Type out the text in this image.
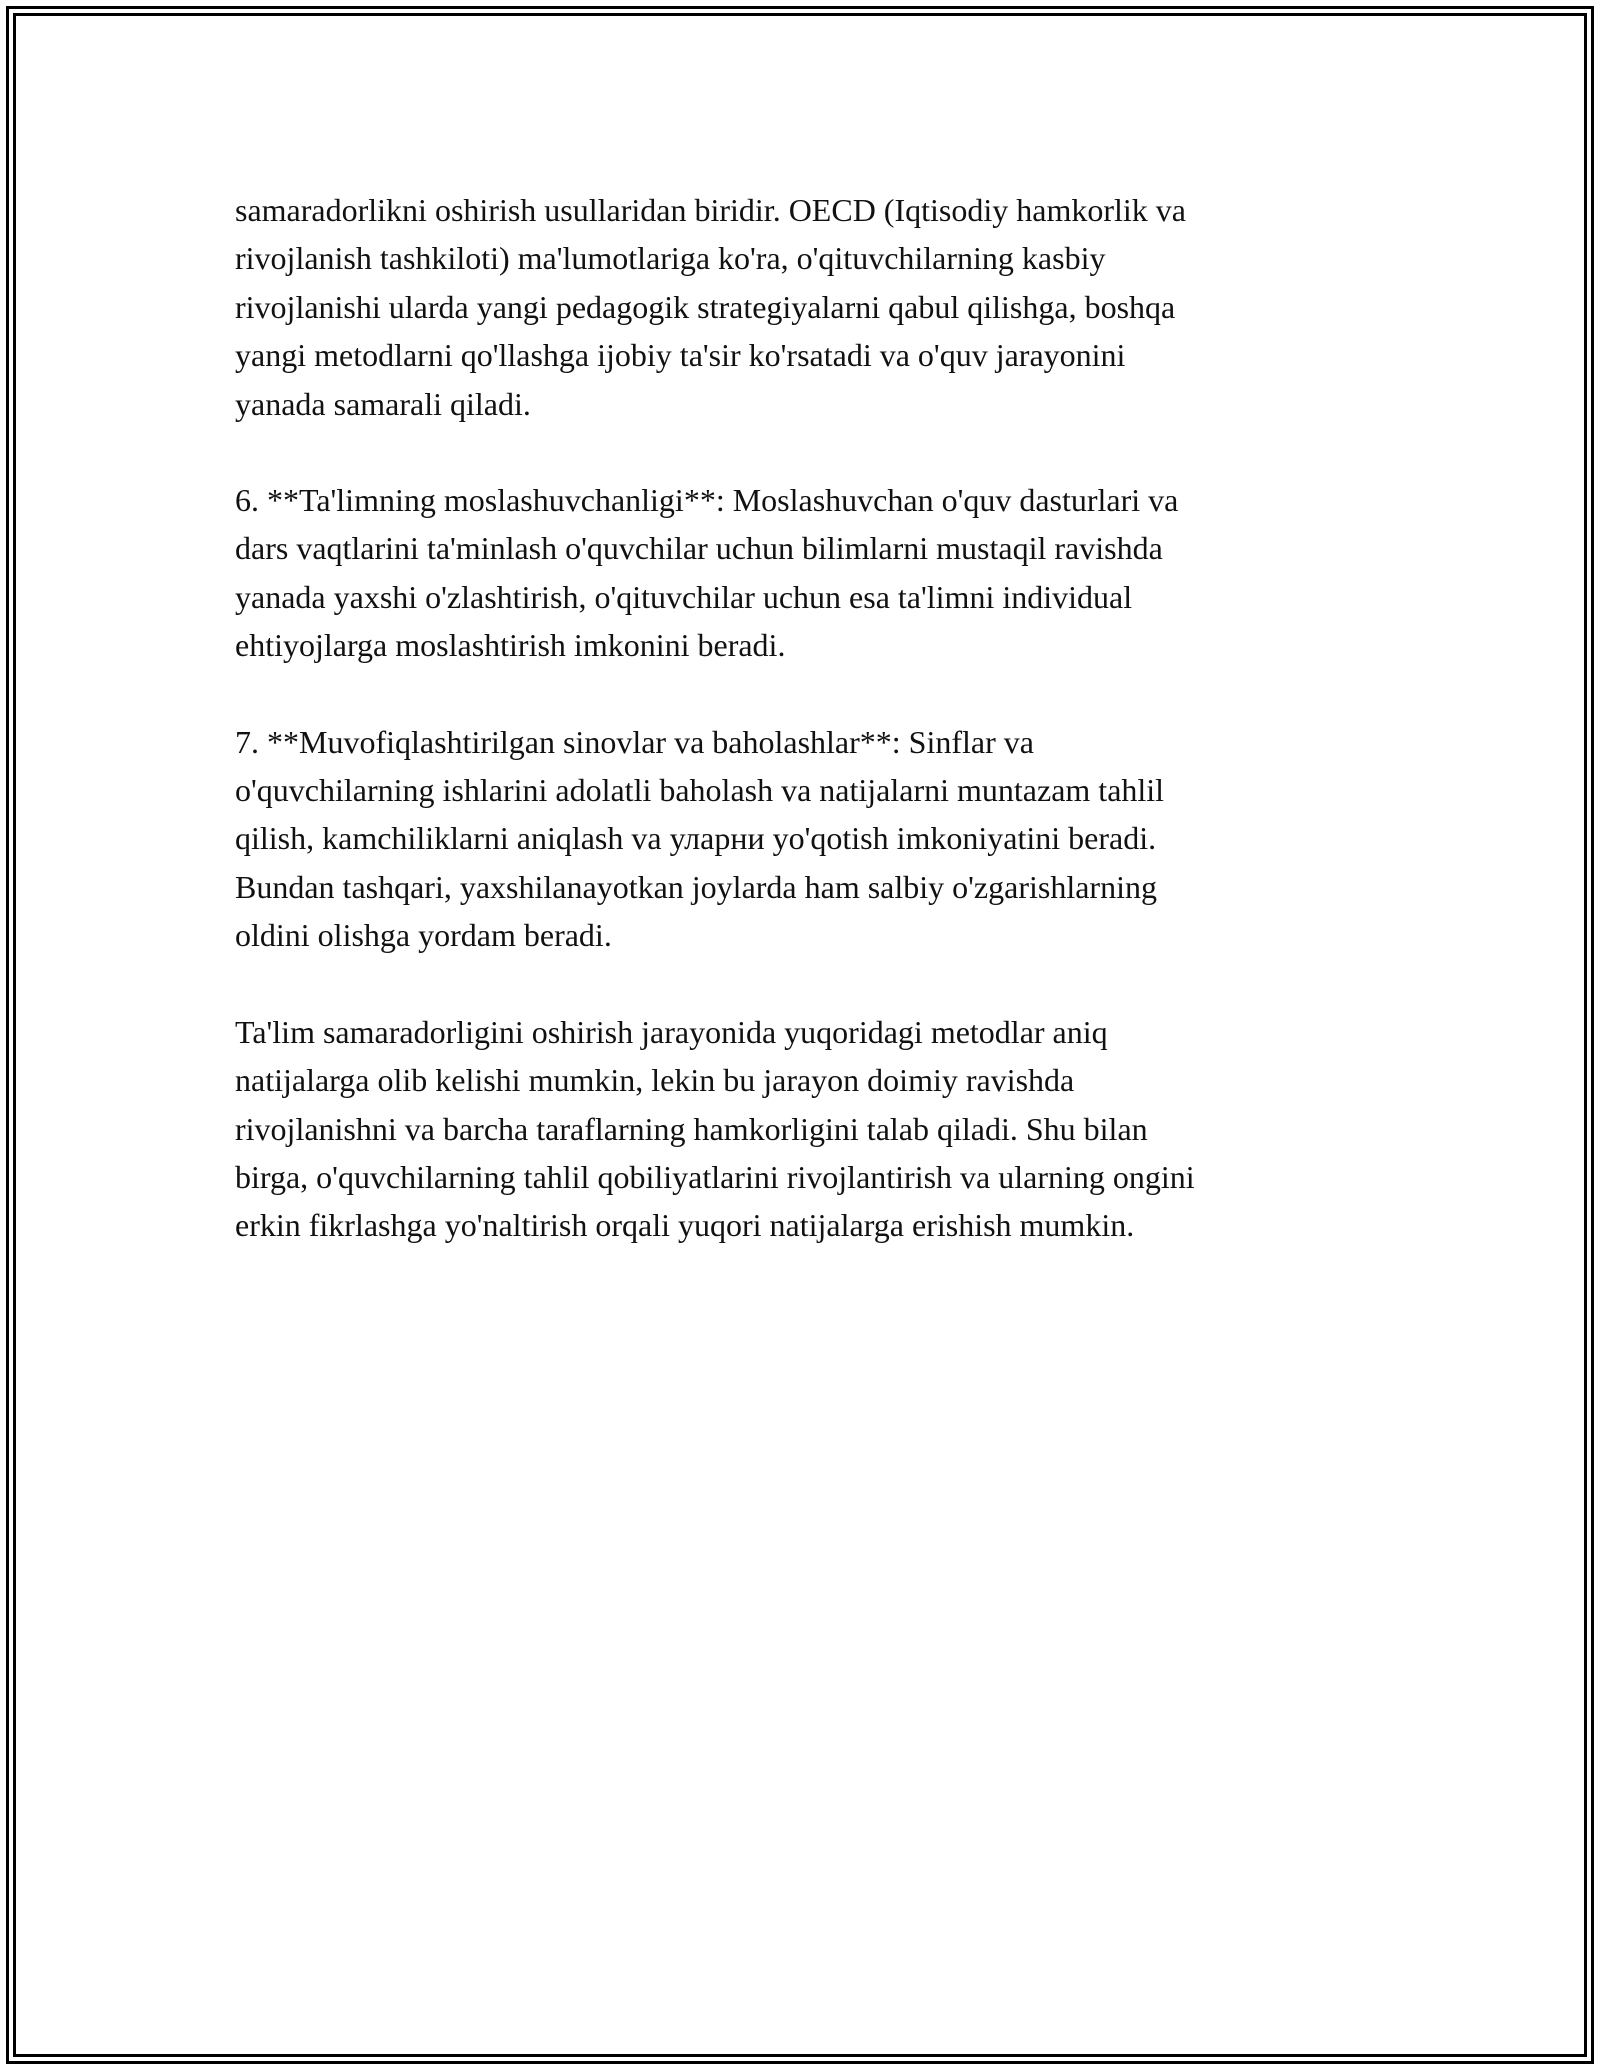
samaradorlikni oshirish usullaridan biridir. OECD (Iqtisodiy hamkorlik va
rivojlanish tashkiloti) ma'lumotlariga ko'ra, o'qituvchilarning kasbiy
rivojlanishi ularda yangi pedagogik strategiyalarni qabul qilishga, boshqa
yangi metodlarni qo'llashga ijobiy ta'sir ko'rsatadi va o'quv jarayonini
yanada samarali qiladi.

6. **Ta'limning moslashuvchanligi**: Moslashuvchan o'quv dasturlari va
dars vaqtlarini ta'minlash o'quvchilar uchun bilimlarni mustaqil ravishda
yanada yaxshi o'zlashtirish, o'qituvchilar uchun esa ta'limni individual
ehtiyojlarga moslashtirish imkonini beradi.

7. **Muvofiqlashtirilgan sinovlar va baholashlar**: Sinflar va
o'quvchilarning ishlarini adolatli baholash va natijalarni muntazam tahlil
qilish, kamchiliklarni aniqlash va уларни yo'qotish imkoniyatini beradi.
Bundan tashqari, yaxshilanayotkan joylarda ham salbiy o'zgarishlarning
oldini olishga yordam beradi.

Ta'lim samaradorligini oshirish jarayonida yuqoridagi metodlar aniq
natijalarga olib kelishi mumkin, lekin bu jarayon doimiy ravishda
rivojlanishni va barcha taraflarning hamkorligini talab qiladi. Shu bilan
birga, o'quvchilarning tahlil qobiliyatlarini rivojlantirish va ularning ongini
erkin fikrlashga yo'naltirish orqali yuqori natijalarga erishish mumkin.
